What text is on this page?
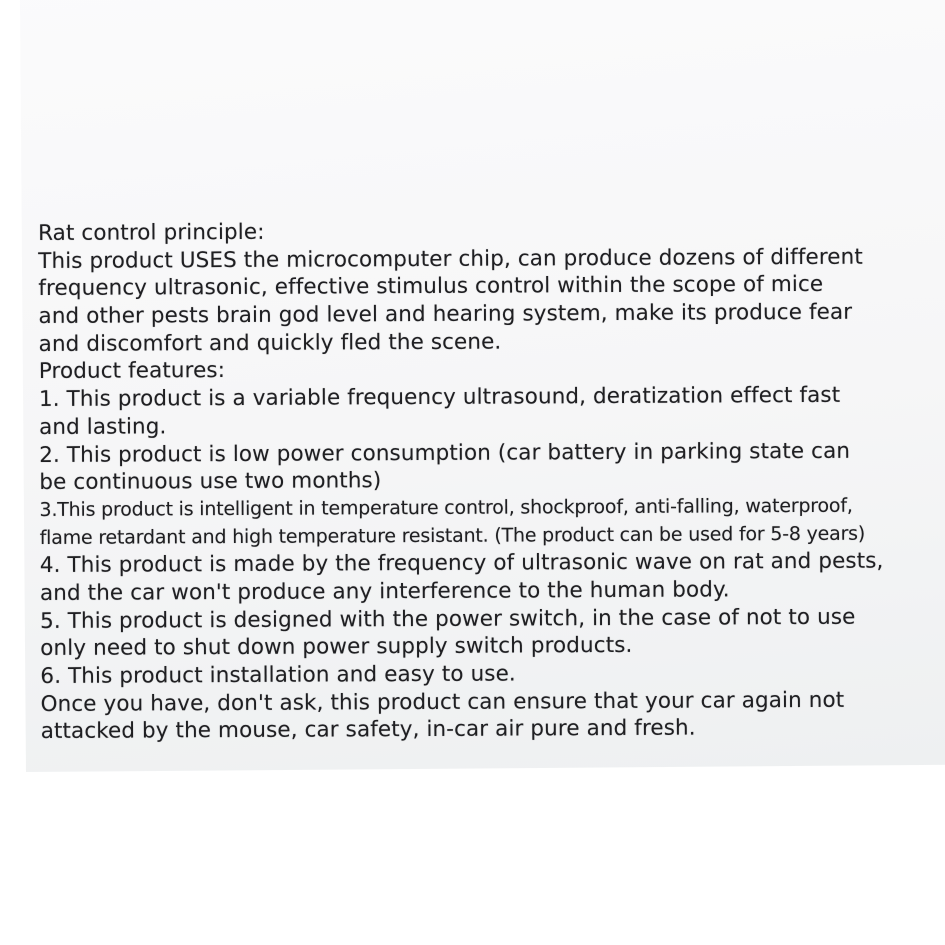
Rat control principle:
This product USES the microcomputer chip, can produce dozens of different
frequency ultrasonic, effective stimulus control within the scope of mice
and other pests brain god level and hearing system, make its produce fear
and discomfort and quickly fled the scene.
Product features:
1. This product is a variable frequency ultrasound, deratization effect fast
and lasting.
2. This product is low power consumption (car battery in parking state can
be continuous use two months)
3.This product is intelligent in temperature control, shockproof, anti-falling, waterproof,
flame retardant and high temperature resistant. (The product can be used for 5-8 years)
4. This product is made by the frequency of ultrasonic wave on rat and pests,
and the car won't produce any interference to the human body.
5. This product is designed with the power switch, in the case of not to use
only need to shut down power supply switch products.
6. This product installation and easy to use.
Once you have, don't ask, this product can ensure that your car again not
attacked by the mouse, car safety, in-car air pure and fresh.
